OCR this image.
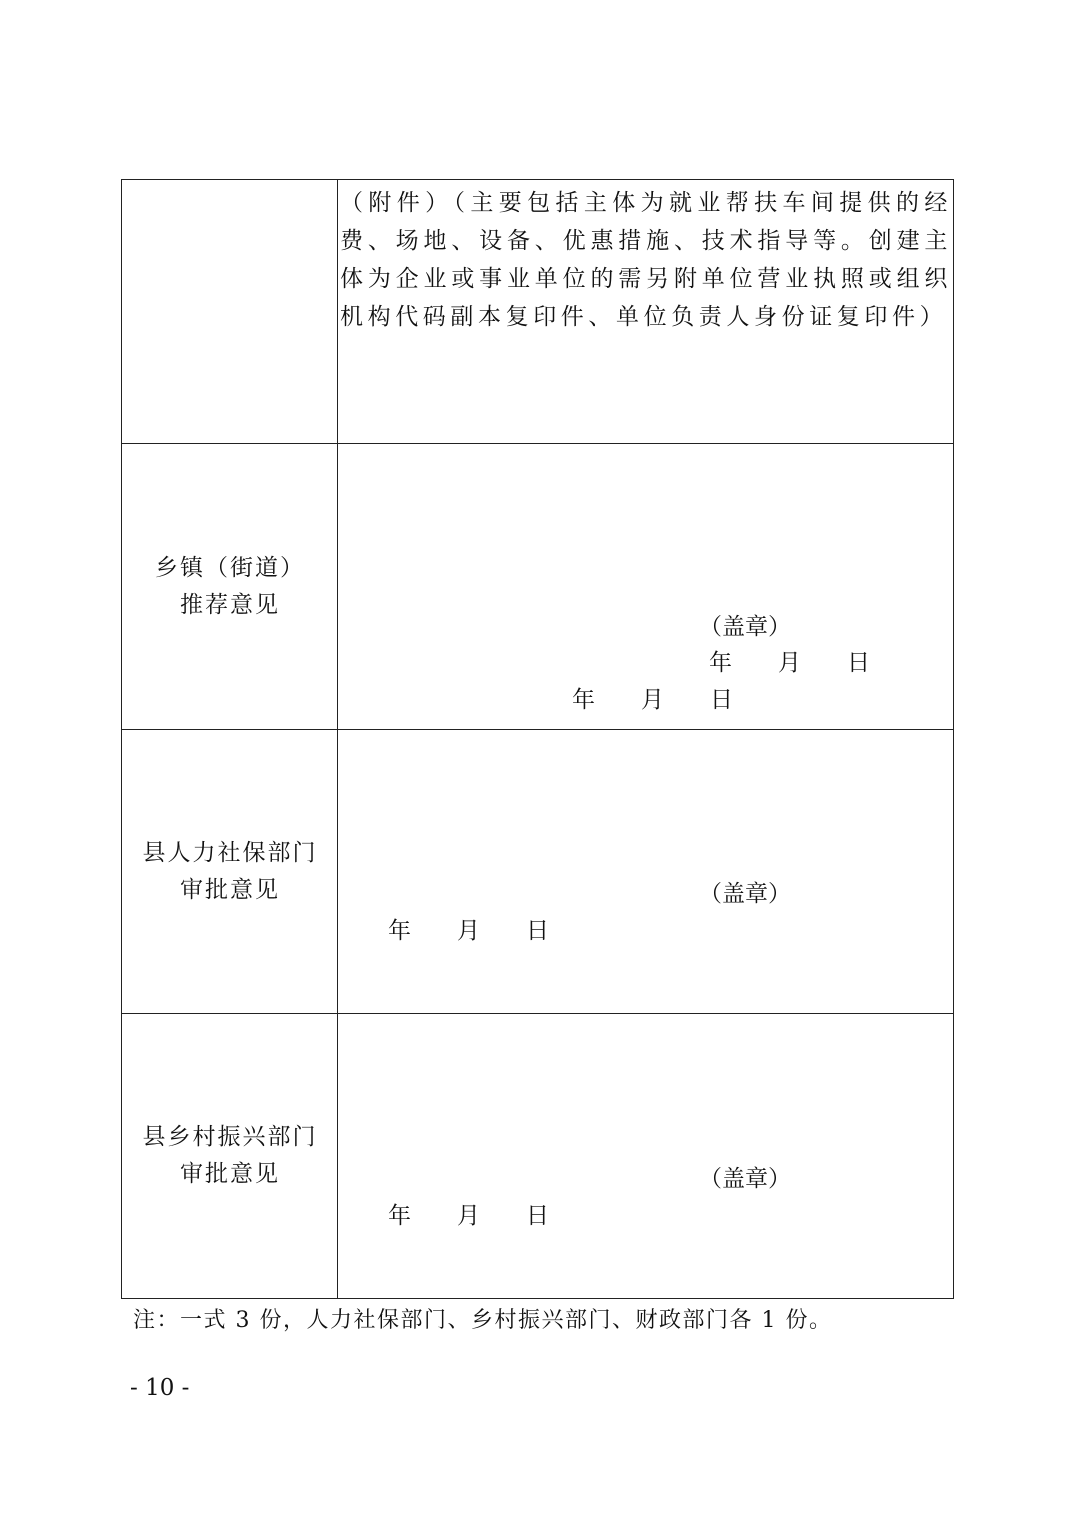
（附件）（主要包括主体为就业帮扶车间提供的经费、场地、设备、优惠措施、技术指导等。创建主体为企业或事业单位的需另附单位营业执照或组织机构代码副本复印件、单位负责人身份证复印件）
乡镇（街道）
推荐意见
（盖章）
年　　月　　日
年　　月　　日
县人力社保部门
审批意见	（盖章）
年　　月　　日
县乡村振兴部门
审批意见	（盖章）
年　　月　　日
注：一式 3 份，人力社保部门、乡村振兴部门、财政部门各 1 份。
- 10 -
